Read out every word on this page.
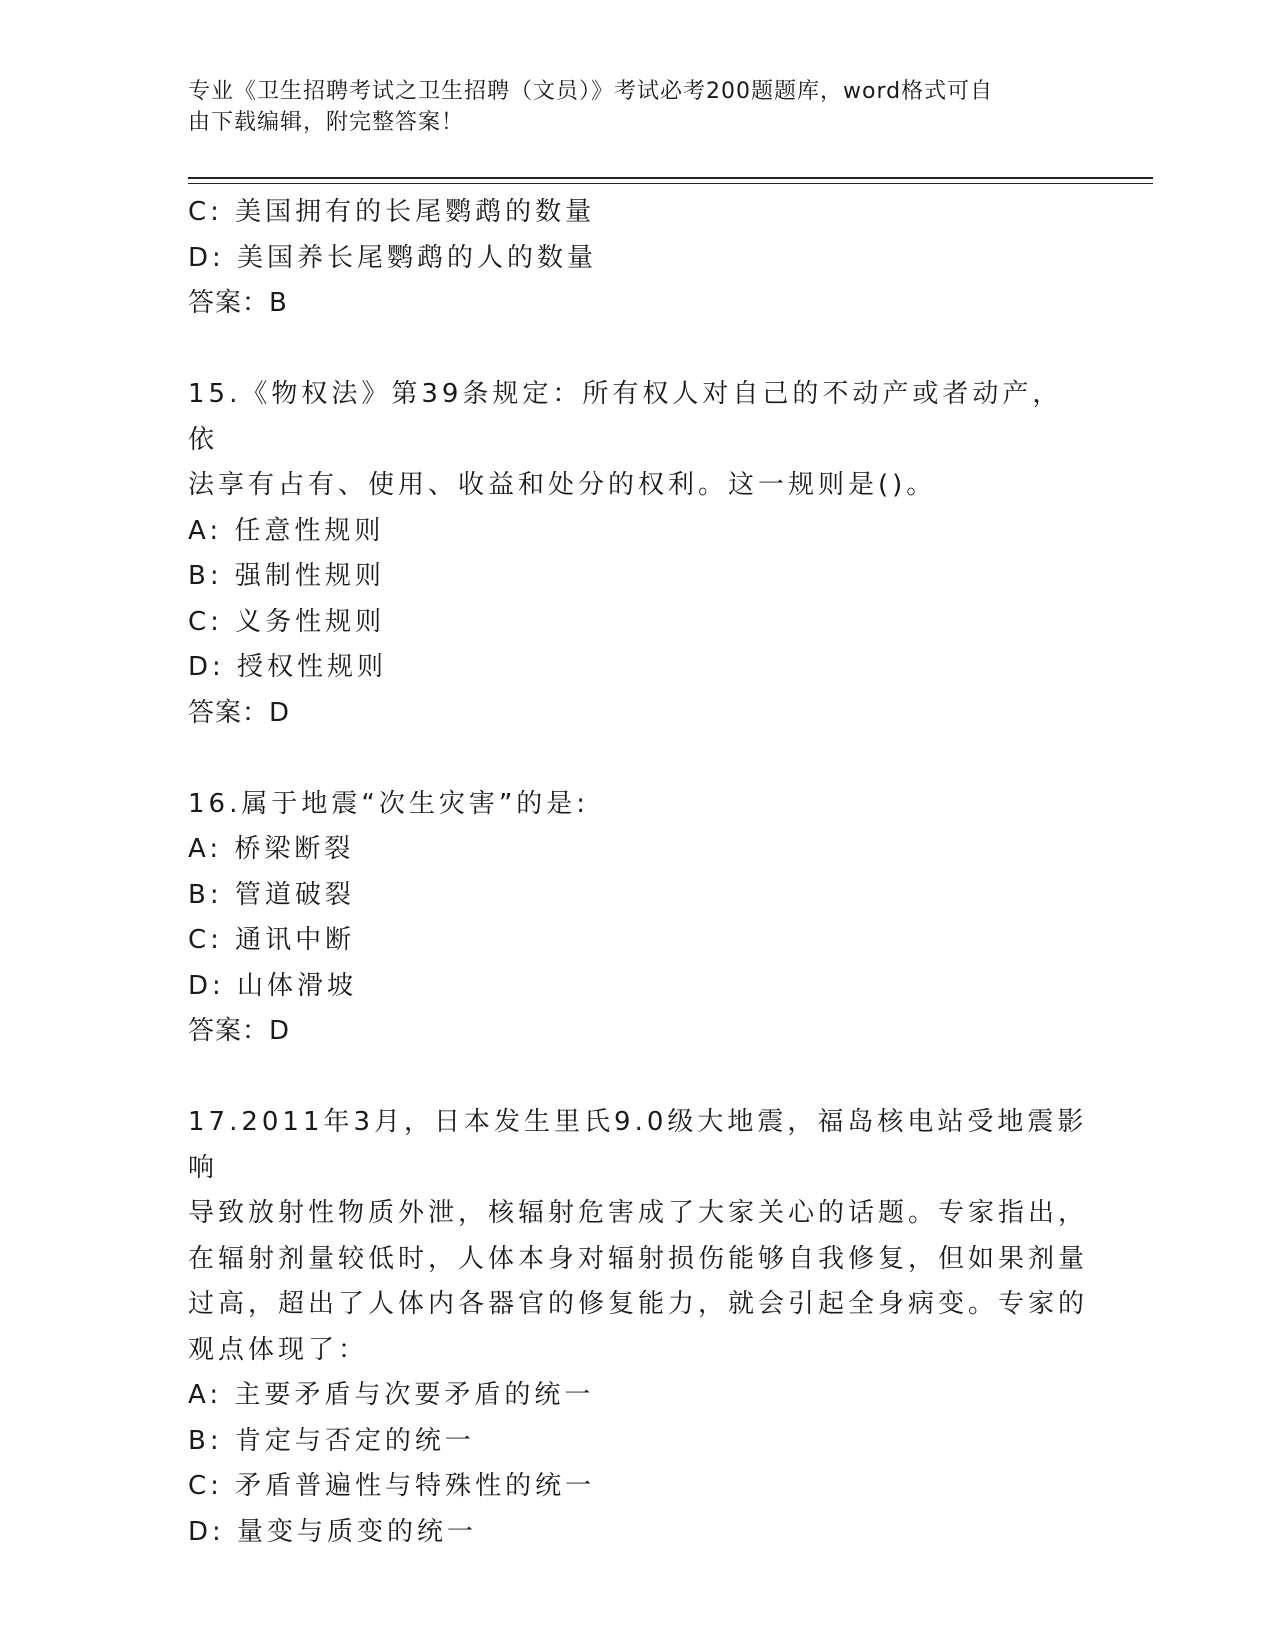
专业《卫生招聘考试之卫生招聘（文员）》考试必考200题题库，word格式可自
由下载编辑，附完整答案！
C: 美国拥有的长尾鹦鹉的数量
D: 美国养长尾鹦鹉的人的数量
答案：B
15.《物权法》第39条规定：所有权人对自己的不动产或者动产，依
法享有占有、使用、收益和处分的权利。这一规则是()。
A: 任意性规则
B: 强制性规则
C: 义务性规则
D: 授权性规则
答案：D
16.属于地震“次生灾害”的是:
A: 桥梁断裂
B: 管道破裂
C: 通讯中断
D: 山体滑坡
答案：D
17.2011年3月，日本发生里氏9.0级大地震，福岛核电站受地震影响
导致放射性物质外泄，核辐射危害成了大家关心的话题。专家指出，
在辐射剂量较低时，人体本身对辐射损伤能够自我修复，但如果剂量
过高，超出了人体内各器官的修复能力，就会引起全身病变。专家的
观点体现了：
A: 主要矛盾与次要矛盾的统一
B: 肯定与否定的统一
C: 矛盾普遍性与特殊性的统一
D: 量变与质变的统一
